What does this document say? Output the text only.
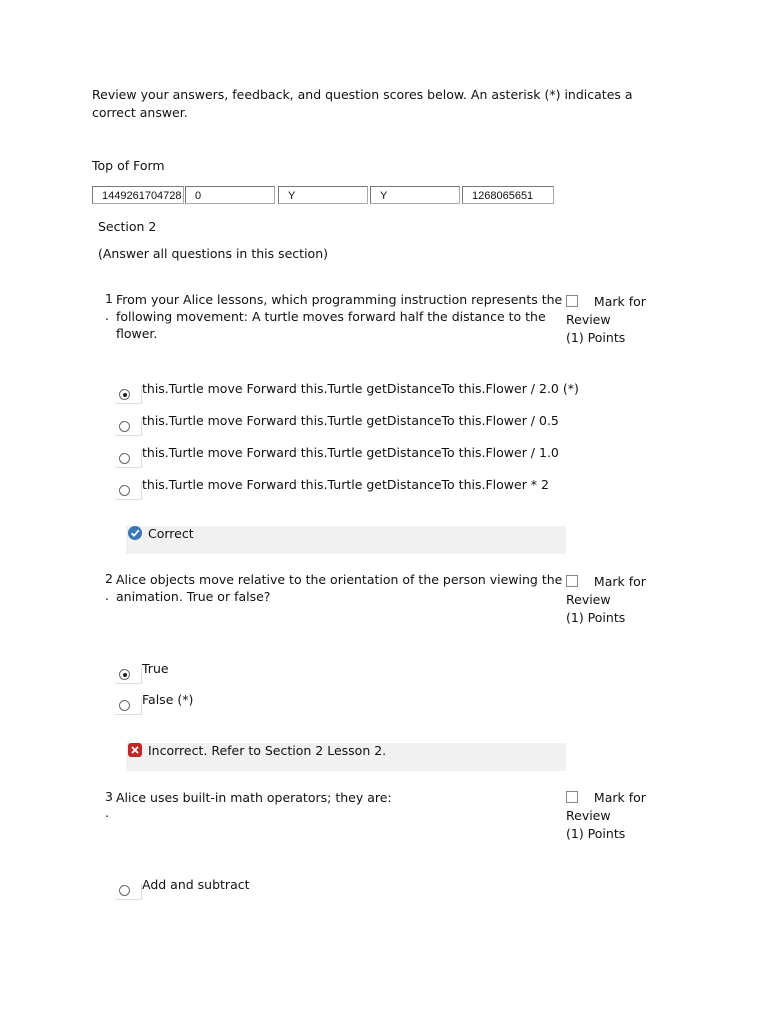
Review your answers, feedback, and question scores below. An asterisk (*) indicates a correct answer.
Top of Form
1449261704728	0	Y	Y	1268065651
Section 2
(Answer all questions in this section)
1
.
From your Alice lessons, which programming instruction represents the
following movement: A turtle moves forward half the distance to the flower.
Mark for
Review
(1) Points
this.Turtle move Forward this.Turtle getDistanceTo this.Flower / 2.0 (*)
this.Turtle move Forward this.Turtle getDistanceTo this.Flower / 0.5
this.Turtle move Forward this.Turtle getDistanceTo this.Flower / 1.0
this.Turtle move Forward this.Turtle getDistanceTo this.Flower * 2
Correct
2
.
Alice objects move relative to the orientation of the person viewing the
animation. True or false?
Mark for
Review
(1) Points
True
False (*)
Incorrect. Refer to Section 2 Lesson 2.
3
.
Alice uses built-in math operators; they are:	Mark for
Review
(1) Points
Add and subtract
